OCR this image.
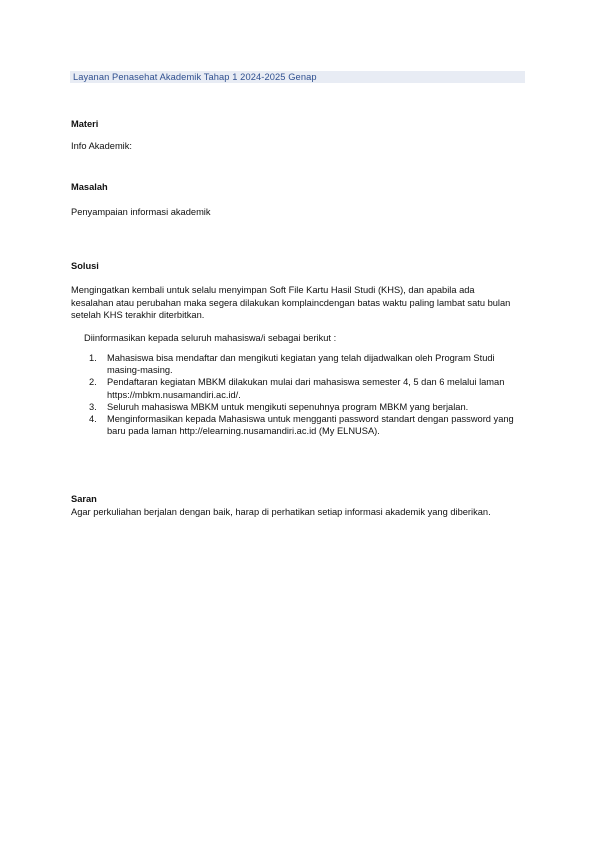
Layanan Penasehat Akademik Tahap 1 2024-2025 Genap
Materi
Info Akademik:
Masalah
Penyampaian informasi akademik
Solusi
Mengingatkan kembali untuk selalu menyimpan Soft File Kartu Hasil Studi (KHS), dan apabila ada kesalahan atau perubahan maka segera dilakukan komplaincdengan batas waktu paling lambat satu bulan setelah KHS terakhir diterbitkan.
Diinformasikan kepada seluruh mahasiswa/i sebagai berikut :
1. Mahasiswa bisa mendaftar dan mengikuti kegiatan yang telah dijadwalkan oleh Program Studi masing-masing.
2. Pendaftaran kegiatan MBKM dilakukan mulai dari mahasiswa semester 4, 5 dan 6 melalui laman https://mbkm.nusamandiri.ac.id/.
3. Seluruh mahasiswa MBKM untuk mengikuti sepenuhnya program MBKM yang berjalan.
4. Menginformasikan kepada Mahasiswa untuk mengganti password standart dengan password yang baru pada laman http://elearning.nusamandiri.ac.id (My ELNUSA).
Saran
Agar perkuliahan berjalan dengan baik, harap di perhatikan setiap informasi akademik yang diberikan.
